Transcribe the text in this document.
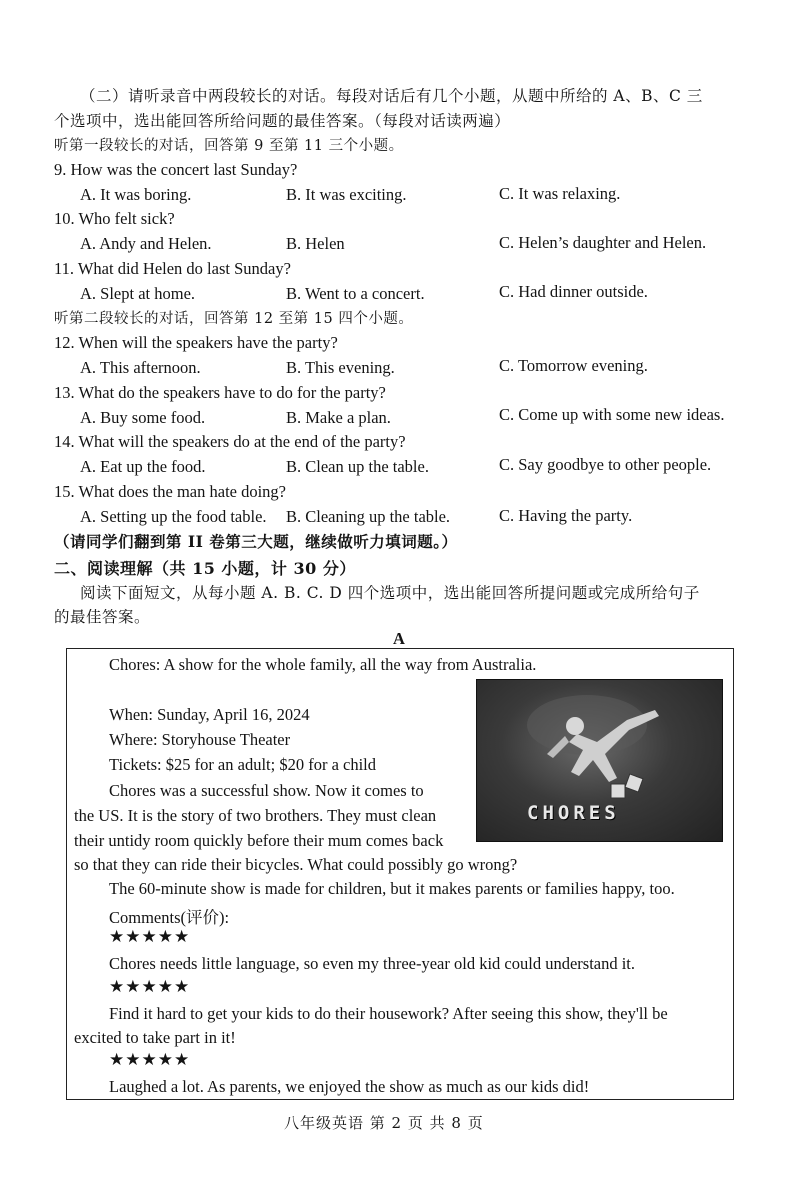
（二）请听录音中两段较长的对话。每段对话后有几个小题，从题中所给的 A、B、C 三
个选项中，选出能回答所给问题的最佳答案。（每段对话读两遍）
听第一段较长的对话，回答第 9 至第 11 三个小题。
9. How was the concert last Sunday?
A. It was boring.	B. It was exciting.	C. It was relaxing.
10. Who felt sick?
A. Andy and Helen.	B. Helen	C. Helen’s daughter and Helen.
11. What did Helen do last Sunday?
A. Slept at home.	B. Went to a concert.	C. Had dinner outside.
听第二段较长的对话，回答第 12 至第 15 四个小题。
12. When will the speakers have the party?
A. This afternoon.	B. This evening.	C. Tomorrow evening.
13. What do the speakers have to do for the party?
A. Buy some food.	B. Make a plan.	C. Come up with some new ideas.
14. What will the speakers do at the end of the party?
A. Eat up the food.	B. Clean up the table.	C. Say goodbye to other people.
15. What does the man hate doing?
A. Setting up the food table. B. Cleaning up the table.	C. Having the party.
（请同学们翻到第 II 卷第三大题，继续做听力填词题。）
二、阅读理解（共 15 小题，计 30 分）
阅读下面短文，从每小题 A. B. C. D 四个选项中，选出能回答所提问题或完成所给句子
的最佳答案。
A
CHORES
Chores: A show for the whole family, all the way from Australia.
When: Sunday, April 16, 2024
Where: Storyhouse Theater
Tickets: $25 for an adult; $20 for a child
Chores was a successful show. Now it comes to
the US. It is the story of two brothers. They must clean
their untidy room quickly before their mum comes back
so that they can ride their bicycles. What could possibly go wrong?
The 60-minute show is made for children, but it makes parents or families happy, too.
Comments(评价):
★★★★★
Chores needs little language, so even my three-year old kid could understand it.
★★★★★
Find it hard to get your kids to do their housework? After seeing this show, they'll be
excited to take part in it!
★★★★★
Laughed a lot. As parents, we enjoyed the show as much as our kids did!
八年级英语 第 2 页 共 8 页
